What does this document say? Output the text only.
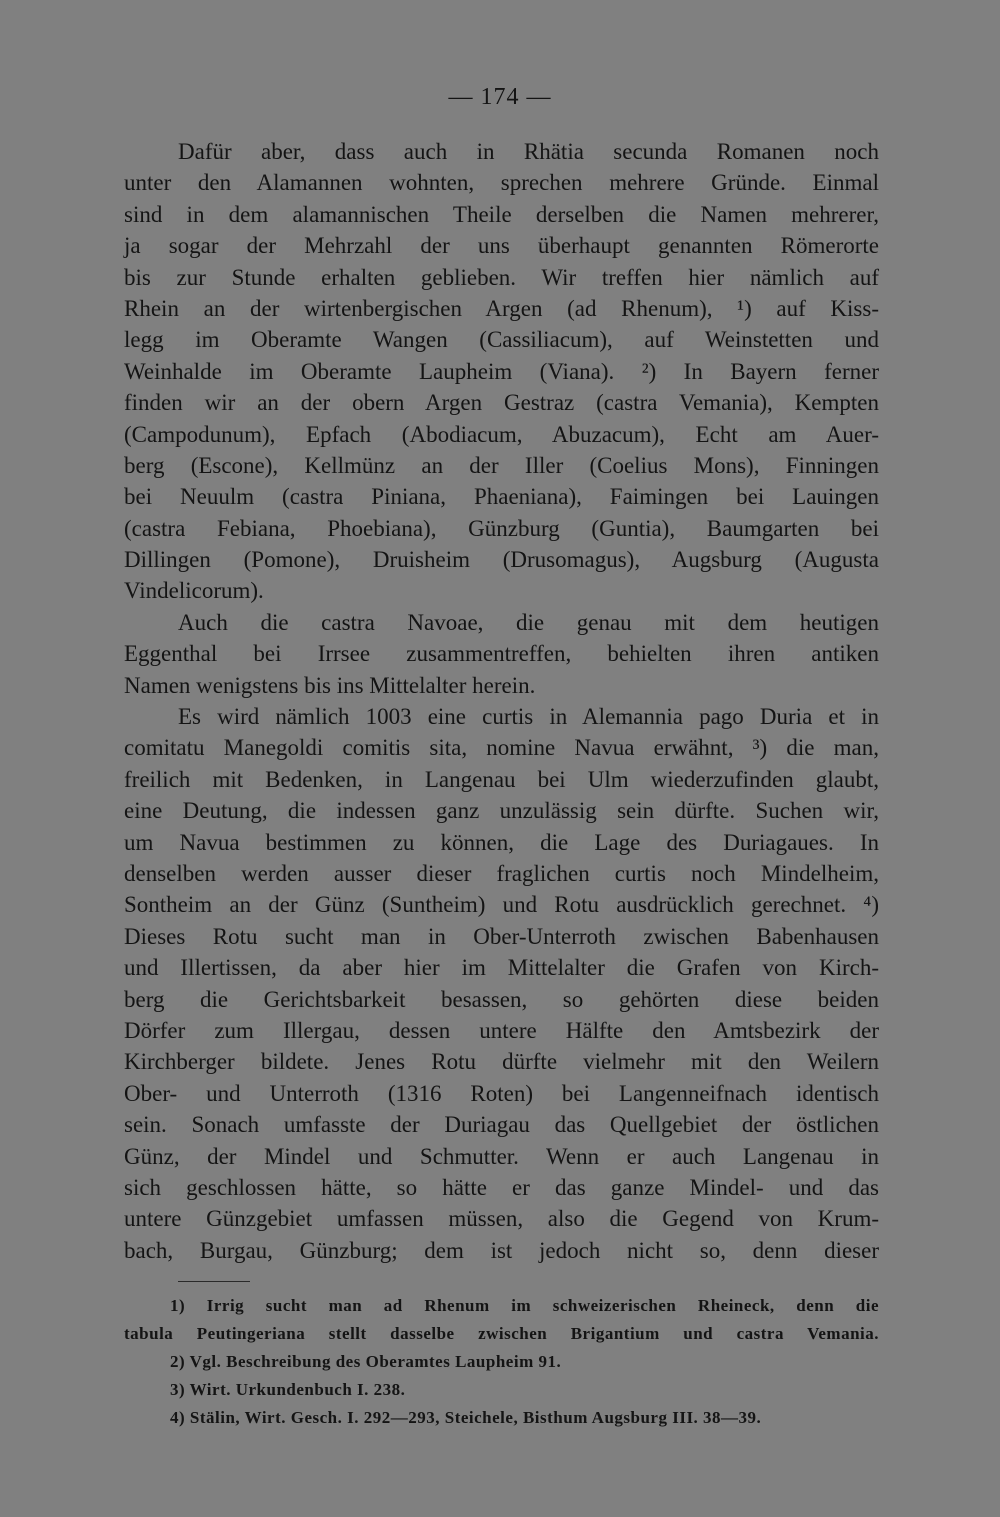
— 174 —
Dafür aber, dass auch in Rhätia secunda Romanen noch
unter den Alamannen wohnten, sprechen mehrere Gründe. Einmal
sind in dem alamannischen Theile derselben die Namen mehrerer,
ja sogar der Mehrzahl der uns überhaupt genannten Römerorte
bis zur Stunde erhalten geblieben. Wir treffen hier nämlich auf
Rhein an der wirtenbergischen Argen (ad Rhenum), ¹) auf Kiss-
legg im Oberamte Wangen (Cassiliacum), auf Weinstetten und
Weinhalde im Oberamte Laupheim (Viana). ²) In Bayern ferner
finden wir an der obern Argen Gestraz (castra Vemania), Kempten
(Campodunum), Epfach (Abodiacum, Abuzacum), Echt am Auer-
berg (Escone), Kellmünz an der Iller (Coelius Mons), Finningen
bei Neuulm (castra Piniana, Phaeniana), Faimingen bei Lauingen
(castra Febiana, Phoebiana), Günzburg (Guntia), Baumgarten bei
Dillingen (Pomone), Druisheim (Drusomagus), Augsburg (Augusta
Vindelicorum).
Auch die castra Navoae, die genau mit dem heutigen
Eggenthal bei Irrsee zusammentreffen, behielten ihren antiken
Namen wenigstens bis ins Mittelalter herein.
Es wird nämlich 1003 eine curtis in Alemannia pago Duria et in
comitatu Manegoldi comitis sita, nomine Navua erwähnt, ³) die man,
freilich mit Bedenken, in Langenau bei Ulm wiederzufinden glaubt,
eine Deutung, die indessen ganz unzulässig sein dürfte. Suchen wir,
um Navua bestimmen zu können, die Lage des Duriagaues. In
denselben werden ausser dieser fraglichen curtis noch Mindelheim,
Sontheim an der Günz (Suntheim) und Rotu ausdrücklich gerechnet. ⁴)
Dieses Rotu sucht man in Ober-Unterroth zwischen Babenhausen
und Illertissen, da aber hier im Mittelalter die Grafen von Kirch-
berg die Gerichtsbarkeit besassen, so gehörten diese beiden
Dörfer zum Illergau, dessen untere Hälfte den Amtsbezirk der
Kirchberger bildete. Jenes Rotu dürfte vielmehr mit den Weilern
Ober- und Unterroth (1316 Roten) bei Langenneifnach identisch
sein. Sonach umfasste der Duriagau das Quellgebiet der östlichen
Günz, der Mindel und Schmutter. Wenn er auch Langenau in
sich geschlossen hätte, so hätte er das ganze Mindel- und das
untere Günzgebiet umfassen müssen, also die Gegend von Krum-
bach, Burgau, Günzburg; dem ist jedoch nicht so, denn dieser
1) Irrig sucht man ad Rhenum im schweizerischen Rheineck, denn die
tabula Peutingeriana stellt dasselbe zwischen Brigantium und castra Vemania.
2) Vgl. Beschreibung des Oberamtes Laupheim 91.
3) Wirt. Urkundenbuch I. 238.
4) Stälin, Wirt. Gesch. I. 292—293, Steichele, Bisthum Augsburg III. 38—39.
